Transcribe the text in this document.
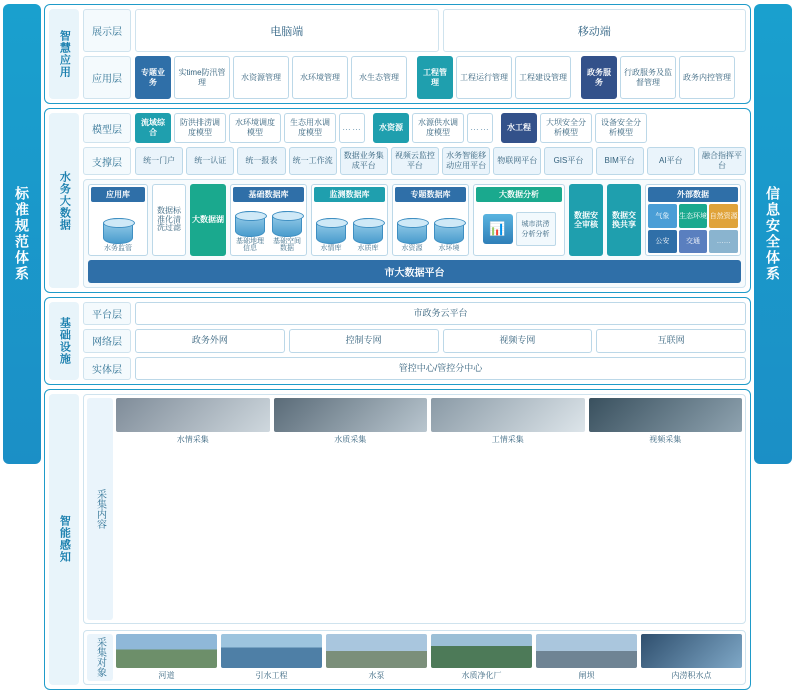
标准规范体系
智慧应用	展示层	电脑端	移动端
应用层
专题业务
实time防汛管理
水资源管理	水环境管理	水生态管理
工程管理
工程运行管理	工程建设管理
政务服务
行政服务及监督管理
政务内控管理
水务大数据
模型层
流域综合
防洪排涝调度模型
水环境调度模型
生态用水调度模型
……	水资源
水源供水调度模型
……	水工程
大坝安全分析模型
设备安全分析模型
支撑层	统一门户	统一认证	统一报表	统一工作流
数据业务集成平台
视频云监控平台
水务智能移动应用平台
物联网平台	GIS平台	BIM平台	AI平台
融合指挥平台
应用库
水务监管
数据标准化清洗过滤
大数据湖
基础数据库
基础地理信息
基础空间数据
监测数据库
水情库 水质库
专题数据库
水资源 水环境
大数据分析
📊	城市洪涝分析分析
数据安全审核
数据交换共享
外部数据
气象	生态环境 自然资源
公安	交通	……
市大数据平台
基础设施
平台层	市政务云平台
网络层	政务外网	控制专网	视频专网	互联网
实体层	管控中心/管控分中心
智能感知
采集内容
水情采集	水质采集	工情采集	视频采集
采集对象	河道	引水工程	水泵	水质净化厂	闸坝	内涝积水点
信息安全体系
